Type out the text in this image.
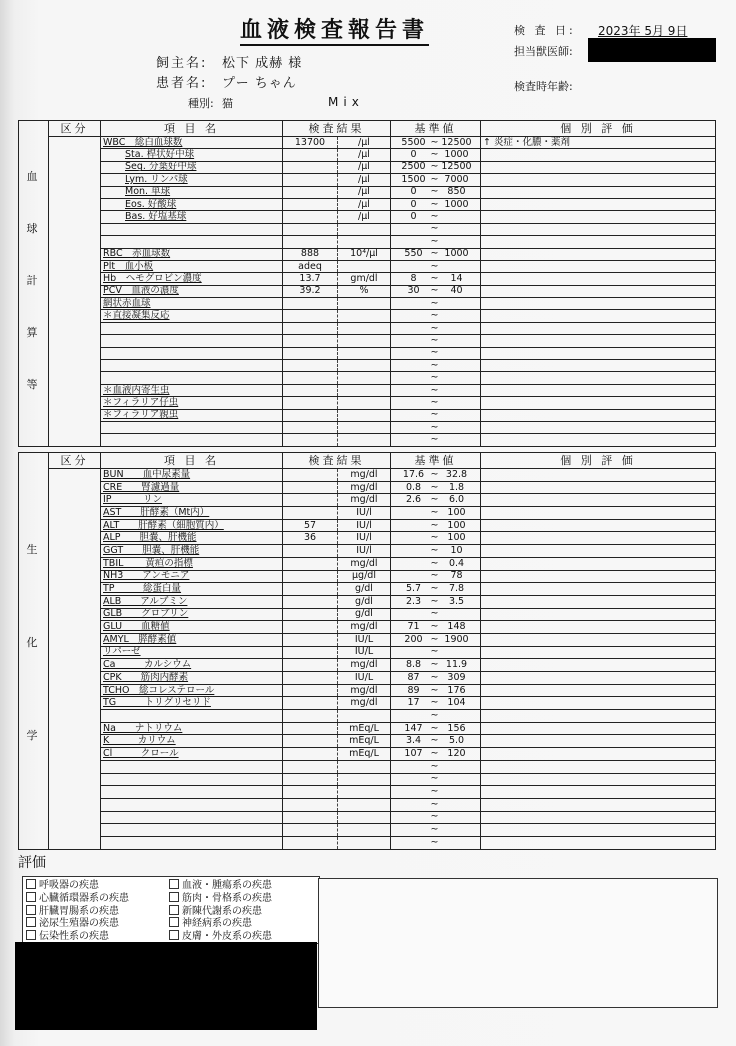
血液検査報告書
飼主名: 松下 成赫 様
患者名: プー ちゃん
種別: 猫	Mix
検 査 日: 2023年 5月 9日
担当獣医師:
検査時年齢:
血
球
計
算
等	区分	項 目 名	検査結果		基準値	個 別 評 価
		WBC　総白血球数	13700	/μl	5500 ~ 12500	↑ 炎症・化膿・薬剤
		Sta. 桿状好中球		/μl	0 ~ 1000	
		Seg. 分葉好中球		/μl	2500 ~ 12500	
		Lym. リンパ球		/μl	1500 ~ 7000	
		Mon. 単球		/μl	0 ~ 850	
		Eos. 好酸球		/μl	0 ~ 1000	
		Bas. 好塩基球		/μl	0 ~	
					~	
					~	
		RBC　赤血球数	888	10⁴/μl	550 ~ 1000	
		Plt　血小板	adeq		~	
		Hb　ヘモグロビン濃度	13.7	gm/dl	8 ~ 14	
		PCV　血液の濃度	39.2	%	30 ~ 40	
		網状赤血球			~	
		＊直接凝集反応			~	
					~	
					~	
					~	
					~	
					~	
		＊血液内寄生虫			~	
		＊フィラリア仔虫			~	
		＊フィラリア親虫			~	
					~	
					~	
生
化
学	区分	項 目 名	検査結果		基準値	個 別 評 価
		BUN　　血中尿素量		mg/dl	17.6 ~ 32.8	
		CRE　　腎濾過量		mg/dl	0.8 ~ 1.8	
		IP　　　 リン		mg/dl	2.6 ~ 6.0	
		AST　　肝酵素（Mt内）		IU/l	~ 100	
		ALT　　肝酵素（細胞質内）	57	IU/l	~ 100	
		ALP　　胆嚢、肝機能	36	IU/l	~ 100	
		GGT　　胆嚢、肝機能		IU/l	~ 10	
		TBIL　　 黄疸の指標		mg/dl	~ 0.4	
		NH3　　アンモニア		μg/dl	~ 78	
		TP　　　総蛋白量		g/dl	5.7 ~ 7.8	
		ALB　　アルブミン		g/dl	2.3 ~ 3.5	
		GLB　　グロブリン		g/dl	~	
		GLU　　血糖値		mg/dl	71 ~ 148	
		AMYL　膵酵素値		IU/L	200 ~ 1900	
		リパーゼ		IU/L	~	
		Ca　　　カルシウム		mg/dl	8.8 ~ 11.9	
		CPK　　筋肉内酵素		IU/L	87 ~ 309	
		TCHO　総コレステロール		mg/dl	89 ~ 176	
		TG　　　トリグリセリド		mg/dl	17 ~ 104	
					~	
		Na　　ナトリウム		mEq/L	147 ~ 156	
		K　　　カリウム		mEq/L	3.4 ~ 5.0	
		Cl　　　クロール		mEq/L	107 ~ 120	
					~	
					~	
					~	
					~	
					~	
					~	
					~	
評価
呼吸器の疾患
心臓循環器系の疾患
肝臓胃腸系の疾患
泌尿生殖器の疾患
伝染性系の疾患
血液・腫瘍系の疾患
筋肉・骨格系の疾患
新陳代謝系の疾患
神経病系の疾患
皮膚・外皮系の疾患
